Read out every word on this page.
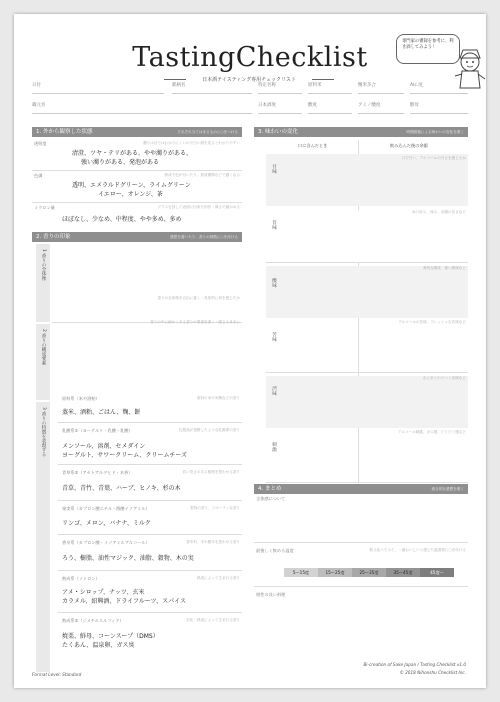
TastingChecklist
日本酒テイスティング専用チェックリスト
専門家の審録を参考に、利き酒してみよう！
日付	銘柄名	特定名称	原料米	精米歩合	Alc.度
蔵元名	日本酒度	酸度	アミノ酸度	酵母
1. 外から観察した状態	それぞれ当てはまるものに○をつける
透明度	濁りは目ではわかりにくいので白い紙を見るとわかりやすい
清澄、ツヤ・テリがある、やや濁りがある、
強い濁りがある、発泡がある
色調	熟成で色が付いたり、熟成期間などで濃くなる
透明、エメラルドグリーン、ライムグリーン
イエロー、オレンジ、茶
ミクロン量	グラスを回して表面に出来た形状・薄さで確かめる
ほぼなし、少なめ、中程度、やや多め、多め
2. 香りの印象	感想を書いたり、香りの特徴に○を付ける
1 香りの全体像
香りの全体像を自由に書く・具体的に何を感じたか
2 香りの構成要素
香りの中に細かくある香りの要素を書く・感じるままに
3 香りの特徴を表現する
原料系（米や酒粕）	原料の米や米麹などの香り
蒸米、酒粕、ごはん、麹、餅
乳酸系①（ヨーグルト・乳酸・乳酸）	乳製品が発酵したような乳酸系の香り
メンソール、溶剤、セメダイン
ヨーグルト、サワークリーム、クリームチーズ
青草系②（アセトアルデヒド・木香）	若い青さのある植物を思わせる香り
青草、青竹、青葉、ハーブ、ヒノキ、杉の木
果実系（カプロン酸エチル・酢酸イソアミル）	果物の香り、フルーティな香り
リンゴ、メロン、バナナ、ミルク
香辛系（カプロン酸・イソアミルアルコール）	香辛料、木や樹木を思わせる香り
ろう、樹脂、油性マジック、油脂、穀物、木の実
熟成系（ソトロン）	熟成によって生まれる香り
アメ・シロップ、ナッツ、玄米
カラメル、紹興酒、ドライフルーツ、スパイス
熟成系②（ジメチルスルフィド）	劣化・熟成によって生まれる香り
焼栗、鮮母、コーンスープ（DMS）
たくあん、温泉卵、ガス臭
3. 味わいの変化	時間経過による味わいの変化を書く
口に含んだとき	飲み込んだ後の余韻
甘味
口で甘い、アルコールの甘さを感じるか
旨味
米の旨み、深み、余韻の長さなど
酸味
爽快な酸味、重い酸味など
苦味
アルコールの苦味、フレッシュな苦味など
渋味
舌にまとわりつく渋味など
刺激
アルコール刺激、ガス感、ピリピリ感など
4. まとめ	総合的な感想を書く
全体感について
最後しく飲める温度	飲み比べてみて、一番おいしいと感じた温度帯に○を付ける
5～15度	15～25度	25～35度	35～45度	45度～
相性の良い料理
Format Level: Standard
Bi-creation of Sake Japan / Tasting Checklist v1.0
© 2018 Nihonshu Checklist Inc.
